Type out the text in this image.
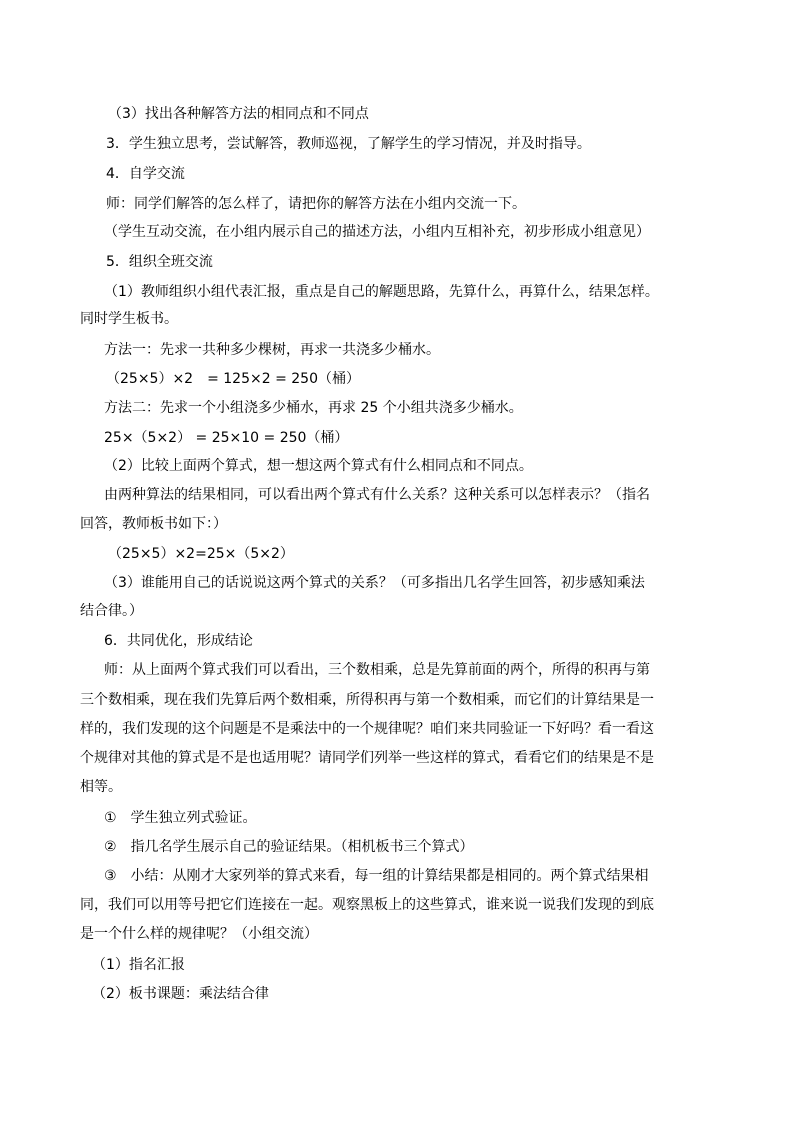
（3）找出各种解答方法的相同点和不同点
3．学生独立思考，尝试解答，教师巡视，了解学生的学习情况，并及时指导。
4．自学交流
师：同学们解答的怎么样了，请把你的解答方法在小组内交流一下。
（学生互动交流，在小组内展示自己的描述方法，小组内互相补充，初步形成小组意见）
5．组织全班交流
（1）教师组织小组代表汇报，重点是自己的解题思路，先算什么，再算什么，结果怎样。
同时学生板书。
方法一：先求一共种多少棵树，再求一共浇多少桶水。
（25×5）×2　= 125×2 = 250（桶）
方法二：先求一个小组浇多少桶水，再求 25 个小组共浇多少桶水。
25×（5×2） = 25×10 = 250（桶）
（2）比较上面两个算式，想一想这两个算式有什么相同点和不同点。
由两种算法的结果相同，可以看出两个算式有什么关系？这种关系可以怎样表示？（指名
回答，教师板书如下：）
（25×5）×2=25×（5×2）
（3）谁能用自己的话说说这两个算式的关系？（可多指出几名学生回答，初步感知乘法
结合律。）
6．共同优化，形成结论
师：从上面两个算式我们可以看出，三个数相乘，总是先算前面的两个，所得的积再与第
三个数相乘，现在我们先算后两个数相乘，所得积再与第一个数相乘，而它们的计算结果是一
样的，我们发现的这个问题是不是乘法中的一个规律呢？咱们来共同验证一下好吗？看一看这
个规律对其他的算式是不是也适用呢？请同学们列举一些这样的算式，看看它们的结果是不是
相等。
①　学生独立列式验证。
②　指几名学生展示自己的验证结果。（相机板书三个算式）
③　小结：从刚才大家列举的算式来看，每一组的计算结果都是相同的。两个算式结果相
同，我们可以用等号把它们连接在一起。观察黑板上的这些算式，谁来说一说我们发现的到底
是一个什么样的规律呢？（小组交流）
（1）指名汇报
（2）板书课题：乘法结合律
